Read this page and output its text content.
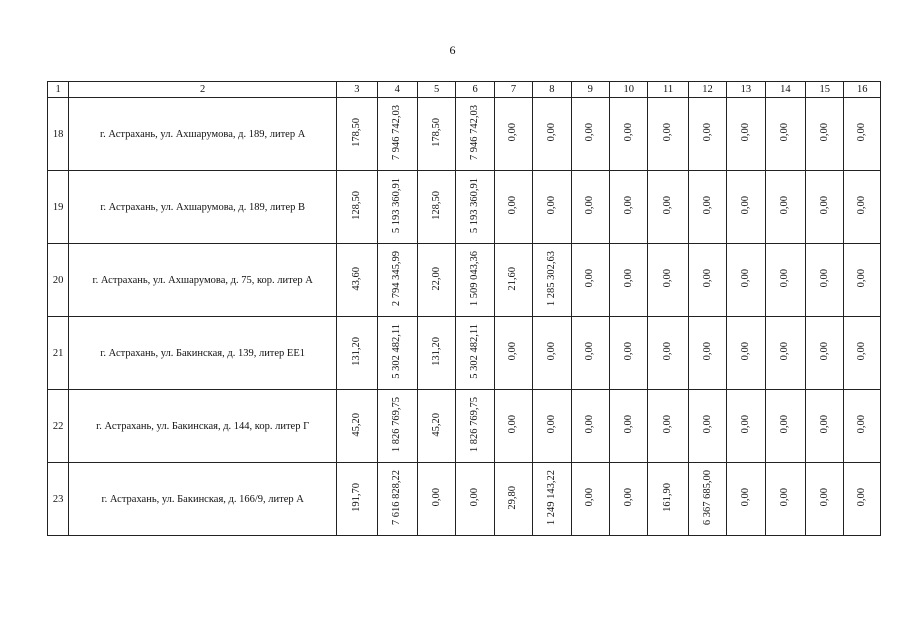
6
1	2	3	4	5	6	7	8	9	10	11	12	13	14	15	16
18	г. Астрахань, ул. Ахшарумова, д. 189, литер А	178,50	7 946 742,03	178,50	7 946 742,03	0,00	0,00	0,00	0,00	0,00	0,00	0,00	0,00	0,00	0,00
19	г. Астрахань, ул. Ахшарумова, д. 189, литер В	128,50	5 193 360,91	128,50	5 193 360,91	0,00	0,00	0,00	0,00	0,00	0,00	0,00	0,00	0,00	0,00
20	г. Астрахань, ул. Ахшарумова, д. 75, кор. литер А	43,60	2 794 345,99	22,00	1 509 043,36	21,60	1 285 302,63	0,00	0,00	0,00	0,00	0,00	0,00	0,00	0,00
21	г. Астрахань, ул. Бакинская, д. 139, литер ЕЕ1	131,20	5 302 482,11	131,20	5 302 482,11	0,00	0,00	0,00	0,00	0,00	0,00	0,00	0,00	0,00	0,00
22	г. Астрахань, ул. Бакинская, д. 144, кор. литер Г	45,20	1 826 769,75	45,20	1 826 769,75	0,00	0,00	0,00	0,00	0,00	0,00	0,00	0,00	0,00	0,00
23	г. Астрахань, ул. Бакинская, д. 166/9, литер А	191,70	7 616 828,22	0,00	0,00	29,80	1 249 143,22	0,00	0,00	161,90	6 367 685,00	0,00	0,00	0,00	0,00
